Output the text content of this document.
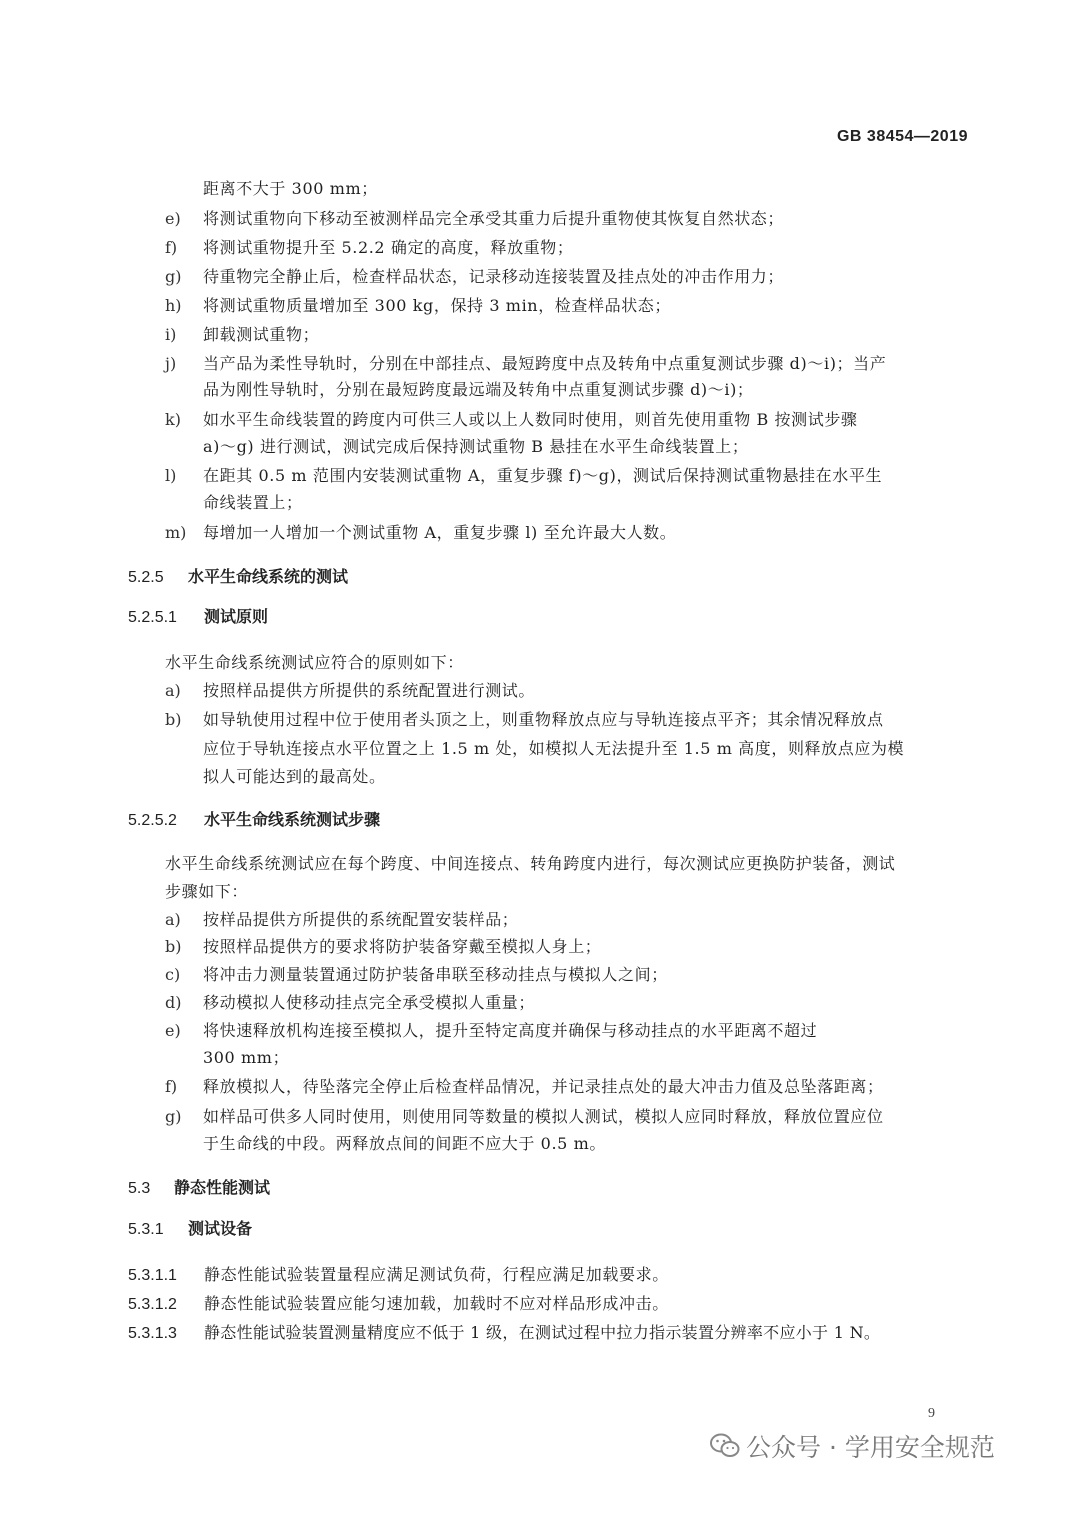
GB 38454—2019
距离不大于 300 mm；
e) 将测试重物向下移动至被测样品完全承受其重力后提升重物使其恢复自然状态；
f) 将测试重物提升至 5.2.2 确定的高度，释放重物；
g) 待重物完全静止后，检查样品状态，记录移动连接装置及挂点处的冲击作用力；
h) 将测试重物质量增加至 300 kg，保持 3 min，检查样品状态；
i) 卸载测试重物；
j) 当产品为柔性导轨时，分别在中部挂点、最短跨度中点及转角中点重复测试步骤 d)～i)；当产
品为刚性导轨时，分别在最短跨度最远端及转角中点重复测试步骤 d)～i)；
k) 如水平生命线装置的跨度内可供三人或以上人数同时使用，则首先使用重物 B 按测试步骤
a)～g) 进行测试，测试完成后保持测试重物 B 悬挂在水平生命线装置上；
l) 在距其 0.5 m 范围内安装测试重物 A，重复步骤 f)～g)，测试后保持测试重物悬挂在水平生
命线装置上；
m) 每增加一人增加一个测试重物 A，重复步骤 l) 至允许最大人数。
5.2.5 水平生命线系统的测试
5.2.5.1 测试原则
水平生命线系统测试应符合的原则如下：
a) 按照样品提供方所提供的系统配置进行测试。
b) 如导轨使用过程中位于使用者头顶之上，则重物释放点应与导轨连接点平齐；其余情况释放点
应位于导轨连接点水平位置之上 1.5 m 处，如模拟人无法提升至 1.5 m 高度，则释放点应为模
拟人可能达到的最高处。
5.2.5.2 水平生命线系统测试步骤
水平生命线系统测试应在每个跨度、中间连接点、转角跨度内进行，每次测试应更换防护装备，测试
步骤如下：
a) 按样品提供方所提供的系统配置安装样品；
b) 按照样品提供方的要求将防护装备穿戴至模拟人身上；
c) 将冲击力测量装置通过防护装备串联至移动挂点与模拟人之间；
d) 移动模拟人使移动挂点完全承受模拟人重量；
e) 将快速释放机构连接至模拟人，提升至特定高度并确保与移动挂点的水平距离不超过
300 mm；
f) 释放模拟人，待坠落完全停止后检查样品情况，并记录挂点处的最大冲击力值及总坠落距离；
g) 如样品可供多人同时使用，则使用同等数量的模拟人测试，模拟人应同时释放，释放位置应位
于生命线的中段。两释放点间的间距不应大于 0.5 m。
5.3 静态性能测试
5.3.1 测试设备
5.3.1.1 静态性能试验装置量程应满足测试负荷，行程应满足加载要求。
5.3.1.2 静态性能试验装置应能匀速加载，加载时不应对样品形成冲击。
5.3.1.3 静态性能试验装置测量精度应不低于 1 级，在测试过程中拉力指示装置分辨率不应小于 1 N。
9
公众号 · 学用安全规范
